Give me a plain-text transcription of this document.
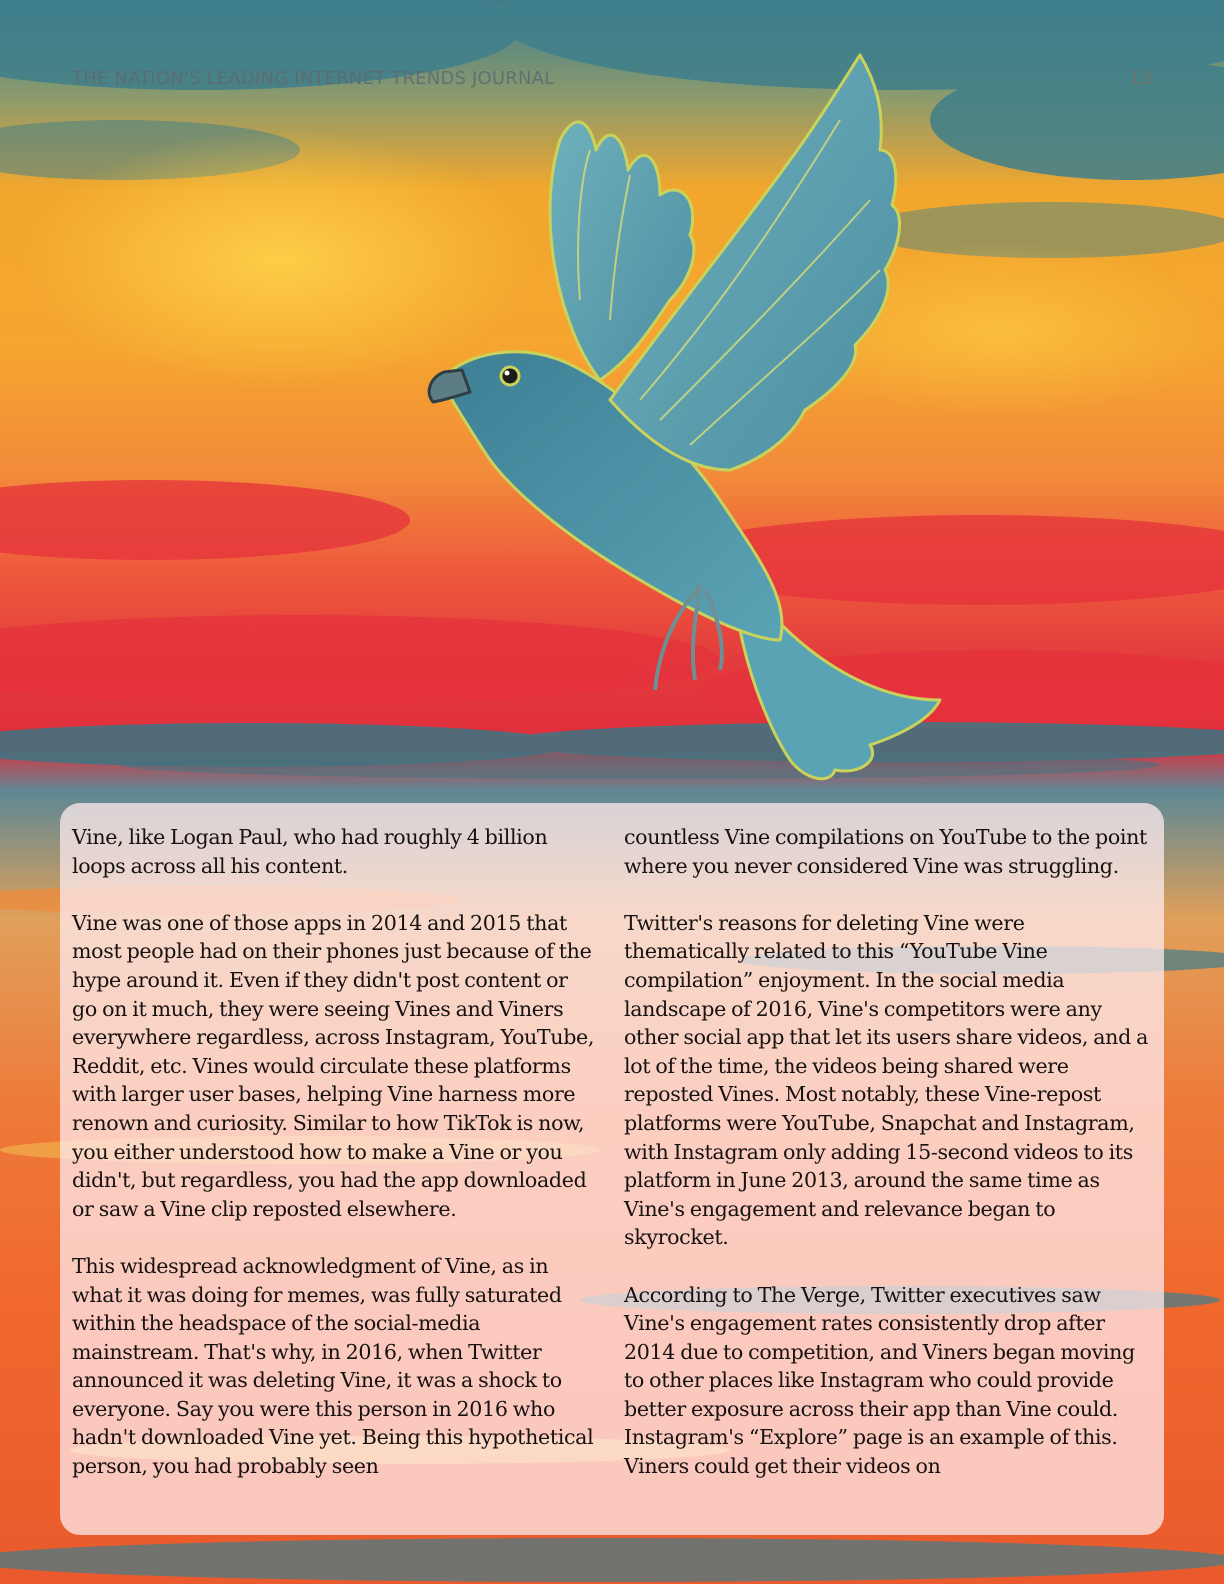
THE NATION'S LEADING INTERNET TRENDS JOURNAL	13

Vine, like Logan Paul, who had roughly 4 billion loops across all his content.

Vine was one of those apps in 2014 and 2015 that most people had on their phones just because of the hype around it. Even if they didn't post content or go on it much, they were seeing Vines and Viners everywhere regardless, across Instagram, YouTube, Reddit, etc. Vines would circulate these platforms with larger user bases, helping Vine harness more renown and curiosity. Similar to how TikTok is now, you either understood how to make a Vine or you didn't, but regardless, you had the app downloaded or saw a Vine clip reposted elsewhere.

This widespread acknowledgment of Vine, as in what it was doing for memes, was fully saturated within the headspace of the social-media mainstream. That's why, in 2016, when Twitter announced it was deleting Vine, it was a shock to everyone. Say you were this person in 2016 who hadn't downloaded Vine yet. Being this hypothetical person, you had probably seen

countless Vine compilations on YouTube to the point where you never considered Vine was struggling.

Twitter's reasons for deleting Vine were thematically related to this “YouTube Vine compilation” enjoyment. In the social media landscape of 2016, Vine's competitors were any other social app that let its users share videos, and a lot of the time, the videos being shared were reposted Vines. Most notably, these Vine-repost platforms were YouTube, Snapchat and Instagram, with Instagram only adding 15-second videos to its platform in June 2013, around the same time as Vine's engagement and relevance began to skyrocket.

According to The Verge, Twitter executives saw Vine's engagement rates consistently drop after 2014 due to competition, and Viners began moving to other places like Instagram who could provide better exposure across their app than Vine could. Instagram's “Explore” page is an example of this. Viners could get their videos on
